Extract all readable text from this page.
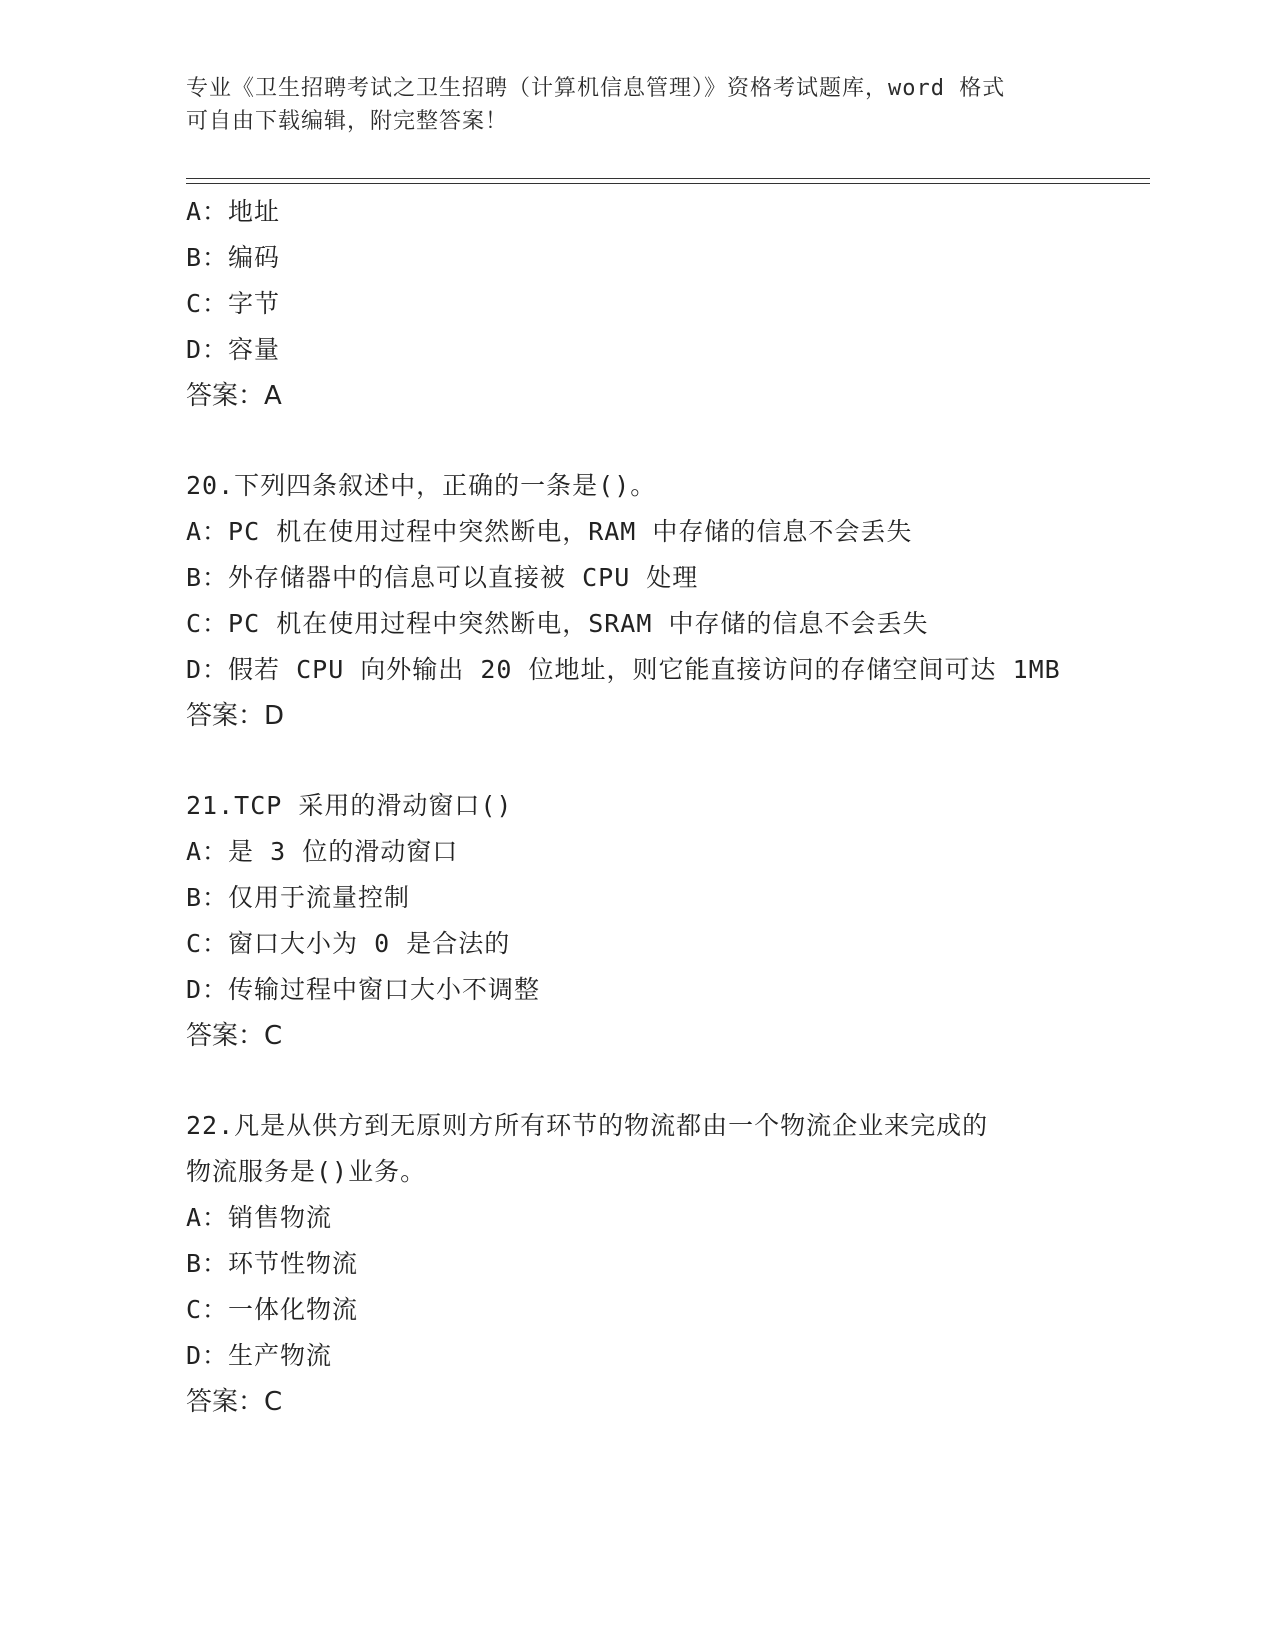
专业《卫生招聘考试之卫生招聘（计算机信息管理）》资格考试题库，word 格式
可自由下载编辑，附完整答案！
A：地址
B：编码
C：字节
D：容量
答案：A
20.下列四条叙述中，正确的一条是()。
A：PC 机在使用过程中突然断电，RAM 中存储的信息不会丢失
B：外存储器中的信息可以直接被 CPU 处理
C：PC 机在使用过程中突然断电，SRAM 中存储的信息不会丢失
D：假若 CPU 向外输出 20 位地址，则它能直接访问的存储空间可达 1MB
答案：D
21.TCP 采用的滑动窗口()
A：是 3 位的滑动窗口
B：仅用于流量控制
C：窗口大小为 0 是合法的
D：传输过程中窗口大小不调整
答案：C
22.凡是从供方到无原则方所有环节的物流都由一个物流企业来完成的
物流服务是()业务。
A：销售物流
B：环节性物流
C：一体化物流
D：生产物流
答案：C
